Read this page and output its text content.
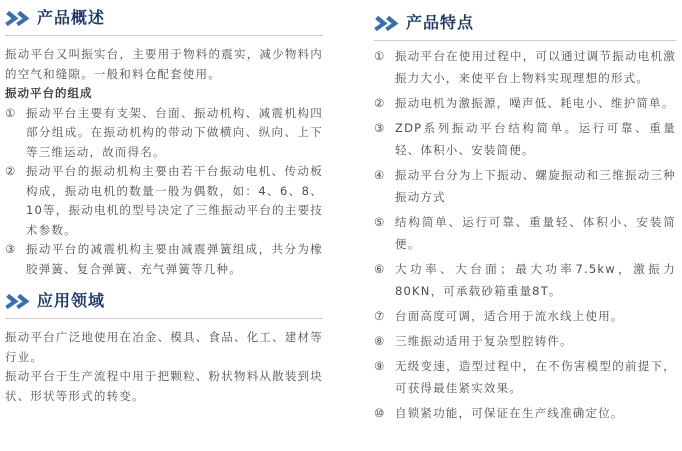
产品概述

振动平台又叫振实台，主要用于物料的震实，减少物料内的空气和缝隙。一般和料仓配套使用。

振动平台的组成

① 振动平台主要有支架、台面、振动机构、减震机构四部分组成。在振动机构的带动下做横向、纵向、上下等三维运动，故而得名。
② 振动平台的振动机构主要由若干台振动电机、传动板构成，振动电机的数量一般为偶数，如：4、6、8、10等，振动电机的型号决定了三维振动平台的主要技术参数。
③ 振动平台的减震机构主要由减震弹簧组成，共分为橡胶弹簧、复合弹簧、充气弹簧等几种。
应用领域

振动平台广泛地使用在冶金、模具、食品、化工、建材等行业。

振动平台于生产流程中用于把颗粒、粉状物料从散装到块状、形状等形式的转变。

产品特点
① 振动平台在使用过程中，可以通过调节振动电机激振力大小，来使平台上物料实现理想的形式。
② 振动电机为激振源，噪声低、耗电小、维护简单。
③ ZDP系列振动平台结构简单。运行可靠、重量轻、体积小、安装简便。
④ 振动平台分为上下振动、螺旋振动和三维振动三种振动方式
⑤ 结构简单、运行可靠、重量轻、体积小、安装简便。
⑥ 大功率、大台面；最大功率7.5kw，激振力80KN，可承载砂箱重量8T。
⑦ 台面高度可调，适合用于流水线上使用。
⑧ 三维振动适用于复杂型腔铸件。
⑨ 无级变速，造型过程中，在不伤害模型的前提下，可获得最佳紧实效果。
⑩ 自锁紧功能，可保证在生产线准确定位。
